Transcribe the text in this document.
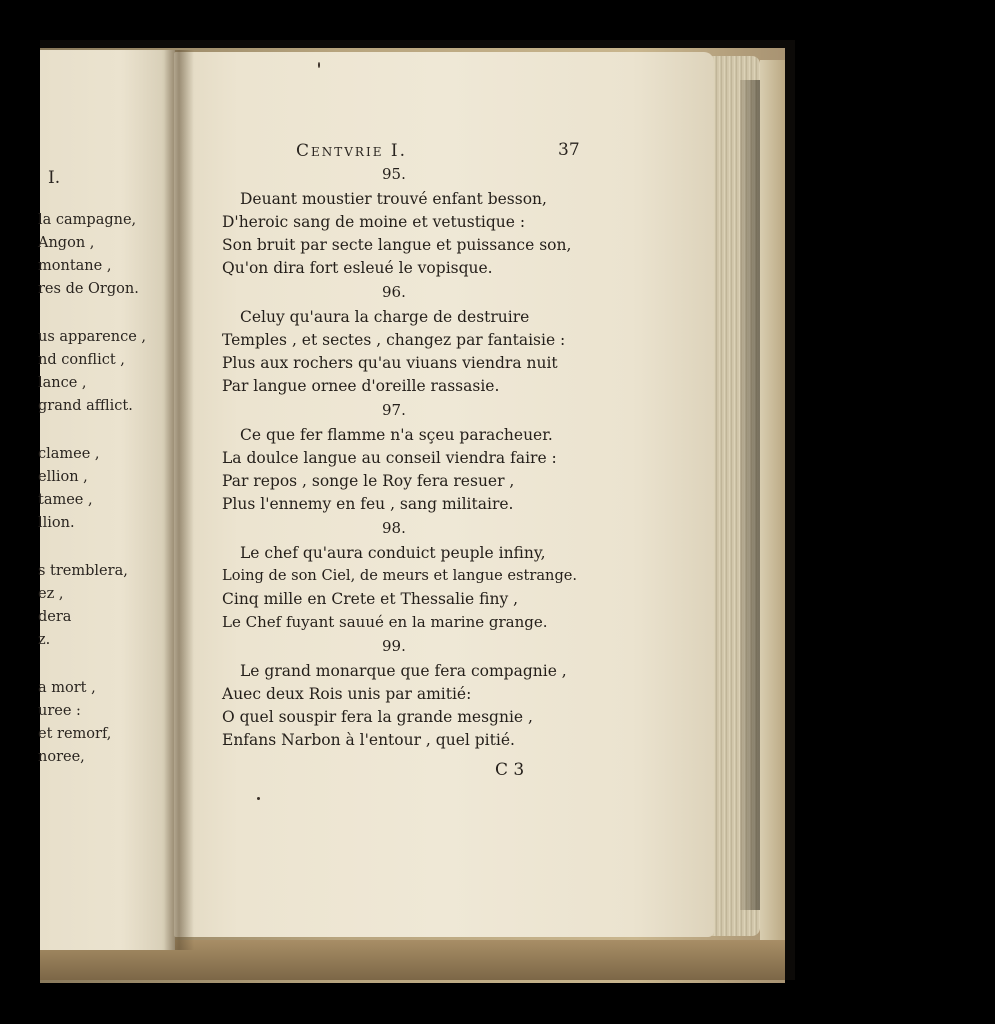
I.
la campagne,
Angon ,
montane ,
res de Orgon.
us apparence ,
nd conflict ,
lance ,
grand afflict.
clamee ,
ellion ,
tamee ,
llion.
s tremblera,
ez ,
dera
z.
a mort ,
uree :
et remorf,
noree,
Centvrie I.	37
95.
Deuant moustier trouvé enfant besson,
D'heroic sang de moine et vetustique :
Son bruit par secte langue et puissance son,
Qu'on dira fort esleué le vopisque.
96.
Celuy qu'aura la charge de destruire
Temples , et sectes , changez par fantaisie :
Plus aux rochers qu'au viuans viendra nuit
Par langue ornee d'oreille rassasie.
97.
Ce que fer flamme n'a sçeu paracheuer.
La doulce langue au conseil viendra faire :
Par repos , songe le Roy fera resuer ,
Plus l'ennemy en feu , sang militaire.
98.
Le chef qu'aura conduict peuple infiny,
Loing de son Ciel, de meurs et langue estrange.
Cinq mille en Crete et Thessalie finy ,
Le Chef fuyant sauué en la marine grange.
99.
Le grand monarque que fera compagnie ,
Auec deux Rois unis par amitié:
O quel souspir fera la grande mesgnie ,
Enfans Narbon à l'entour , quel pitié.
C 3
